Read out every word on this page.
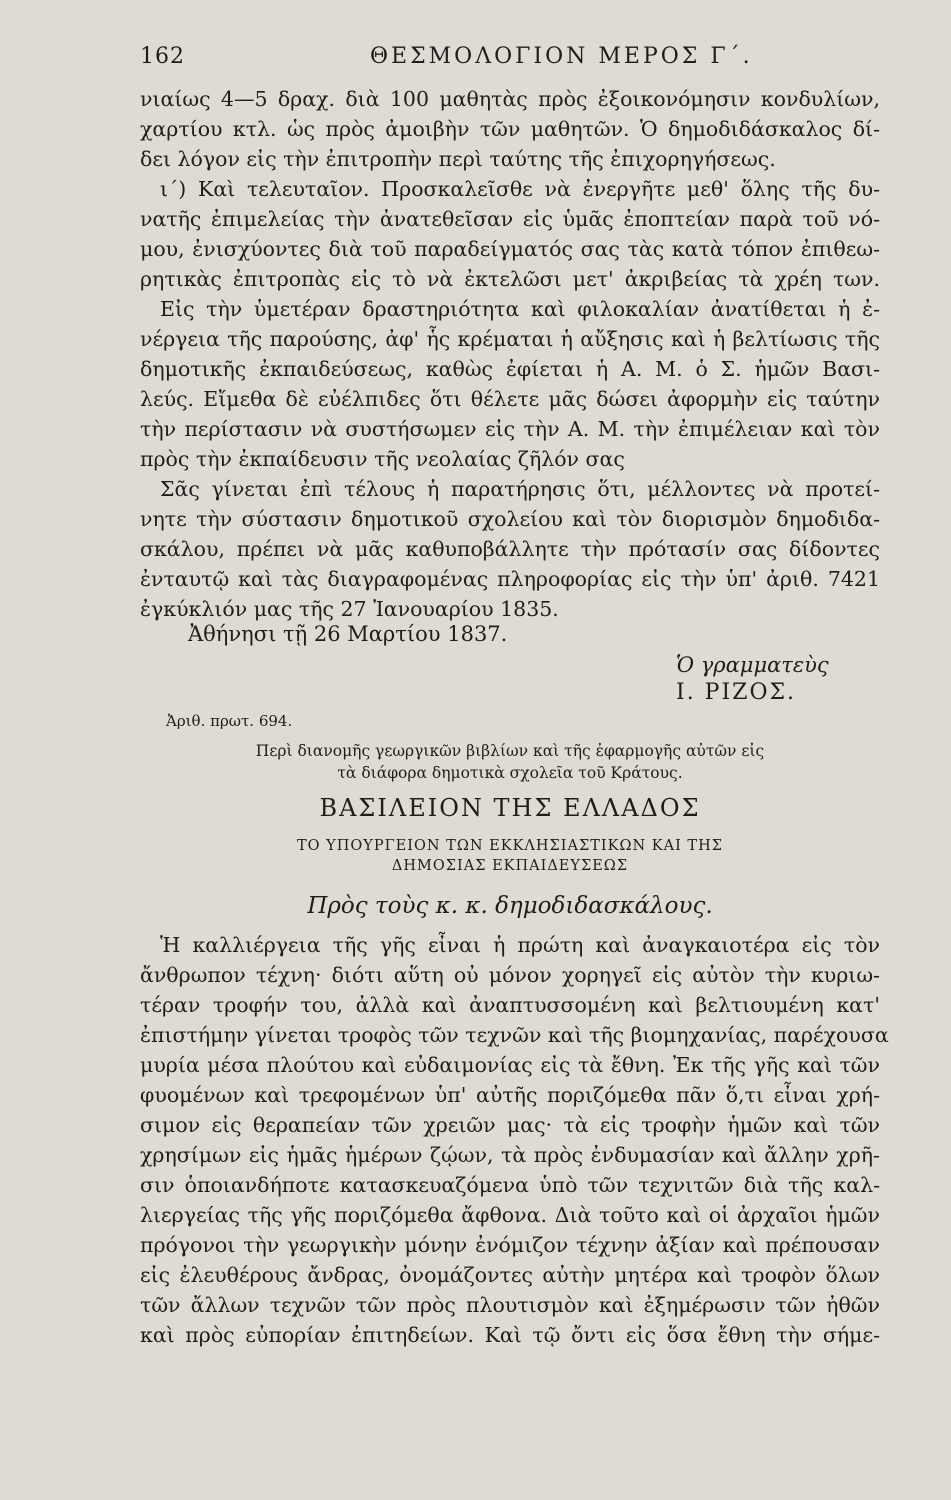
162	ΘΕΣΜΟΛΟΓΙΟΝ ΜΕΡΟΣ Γ΄.
νιαίως 4—5 δραχ. διὰ 100 μαθητὰς πρὸς ἐξοικονόμησιν κονδυλίων,
χαρτίου κτλ. ὡς πρὸς ἀμοιβὴν τῶν μαθητῶν. Ὁ δημοδιδάσκαλος δί-
δει λόγον εἰς τὴν ἐπιτροπὴν περὶ ταύτης τῆς ἐπιχορηγήσεως.
ι΄) Καὶ τελευταῖον. Προσκαλεῖσθε νὰ ἐνεργῆτε μεθ' ὅλης τῆς δυ-
νατῆς ἐπιμελείας τὴν ἀνατεθεῖσαν εἰς ὑμᾶς ἐποπτείαν παρὰ τοῦ νό-
μου, ἐνισχύοντες διὰ τοῦ παραδείγματός σας τὰς κατὰ τόπον ἐπιθεω-
ρητικὰς ἐπιτροπὰς εἰς τὸ νὰ ἐκτελῶσι μετ' ἀκριβείας τὰ χρέη των.
Εἰς τὴν ὑμετέραν δραστηριότητα καὶ φιλοκαλίαν ἀνατίθεται ἡ ἐ-
νέργεια τῆς παρούσης, ἀφ' ἧς κρέμαται ἡ αὔξησις καὶ ἡ βελτίωσις τῆς
δημοτικῆς ἐκπαιδεύσεως, καθὼς ἐφίεται ἡ Α. Μ. ὁ Σ. ἡμῶν Βασι-
λεύς. Εἴμεθα δὲ εὐέλπιδες ὅτι θέλετε μᾶς δώσει ἀφορμὴν εἰς ταύτην
τὴν περίστασιν νὰ συστήσωμεν εἰς τὴν Α. Μ. τὴν ἐπιμέλειαν καὶ τὸν
πρὸς τὴν ἐκπαίδευσιν τῆς νεολαίας ζῆλόν σας
Σᾶς γίνεται ἐπὶ τέλους ἡ παρατήρησις ὅτι, μέλλοντες νὰ προτεί-
νητε τὴν σύστασιν δημοτικοῦ σχολείου καὶ τὸν διορισμὸν δημοδιδα-
σκάλου, πρέπει νὰ μᾶς καθυποβάλλητε τὴν πρότασίν σας δίδοντες
ἐνταυτῷ καὶ τὰς διαγραφομένας πληροφορίας εἰς τὴν ὑπ' ἀριθ. 7421
ἐγκύκλιόν μας τῆς 27 Ἰανουαρίου 1835.
Ἀθήνησι τῇ 26 Μαρτίου 1837.
Ὁ γραμματεὺς
Ι. ΡΙΖΟΣ.
Ἀριθ. πρωτ. 694.
Περὶ διανομῆς γεωργικῶν βιβλίων καὶ τῆς ἐφαρμογῆς αὐτῶν εἰς
τὰ διάφορα δημοτικὰ σχολεῖα τοῦ Κράτους.
ΒΑΣΙΛΕΙΟΝ ΤΗΣ ΕΛΛΑΔΟΣ
ΤΟ ΥΠΟΥΡΓΕΙΟΝ ΤΩΝ ΕΚΚΛΗΣΙΑΣΤΙΚΩΝ ΚΑΙ ΤΗΣ
ΔΗΜΟΣΙΑΣ ΕΚΠΑΙΔΕΥΣΕΩΣ
Πρὸς τοὺς κ. κ. δημοδιδασκάλους.
Ἡ καλλιέργεια τῆς γῆς εἶναι ἡ πρώτη καὶ ἀναγκαιοτέρα εἰς τὸν
ἄνθρωπον τέχνη· διότι αὕτη οὐ μόνον χορηγεῖ εἰς αὐτὸν τὴν κυριω-
τέραν τροφήν του, ἀλλὰ καὶ ἀναπτυσσομένη καὶ βελτιουμένη κατ'
ἐπιστήμην γίνεται τροφὸς τῶν τεχνῶν καὶ τῆς βιομηχανίας, παρέχουσα
μυρία μέσα πλούτου καὶ εὐδαιμονίας εἰς τὰ ἔθνη. Ἐκ τῆς γῆς καὶ τῶν
φυομένων καὶ τρεφομένων ὑπ' αὐτῆς ποριζόμεθα πᾶν ὅ,τι εἶναι χρή-
σιμον εἰς θεραπείαν τῶν χρειῶν μας· τὰ εἰς τροφὴν ἡμῶν καὶ τῶν
χρησίμων εἰς ἡμᾶς ἡμέρων ζῴων, τὰ πρὸς ἐνδυμασίαν καὶ ἄλλην χρῆ-
σιν ὁποιανδήποτε κατασκευαζόμενα ὑπὸ τῶν τεχνιτῶν διὰ τῆς καλ-
λιεργείας τῆς γῆς ποριζόμεθα ἄφθονα. Διὰ τοῦτο καὶ οἱ ἀρχαῖοι ἡμῶν
πρόγονοι τὴν γεωργικὴν μόνην ἐνόμιζον τέχνην ἀξίαν καὶ πρέπουσαν
εἰς ἐλευθέρους ἄνδρας, ὀνομάζοντες αὐτὴν μητέρα καὶ τροφὸν ὅλων
τῶν ἄλλων τεχνῶν τῶν πρὸς πλουτισμὸν καὶ ἐξημέρωσιν τῶν ἠθῶν
καὶ πρὸς εὐπορίαν ἐπιτηδείων. Καὶ τῷ ὄντι εἰς ὅσα ἔθνη τὴν σήμε-
